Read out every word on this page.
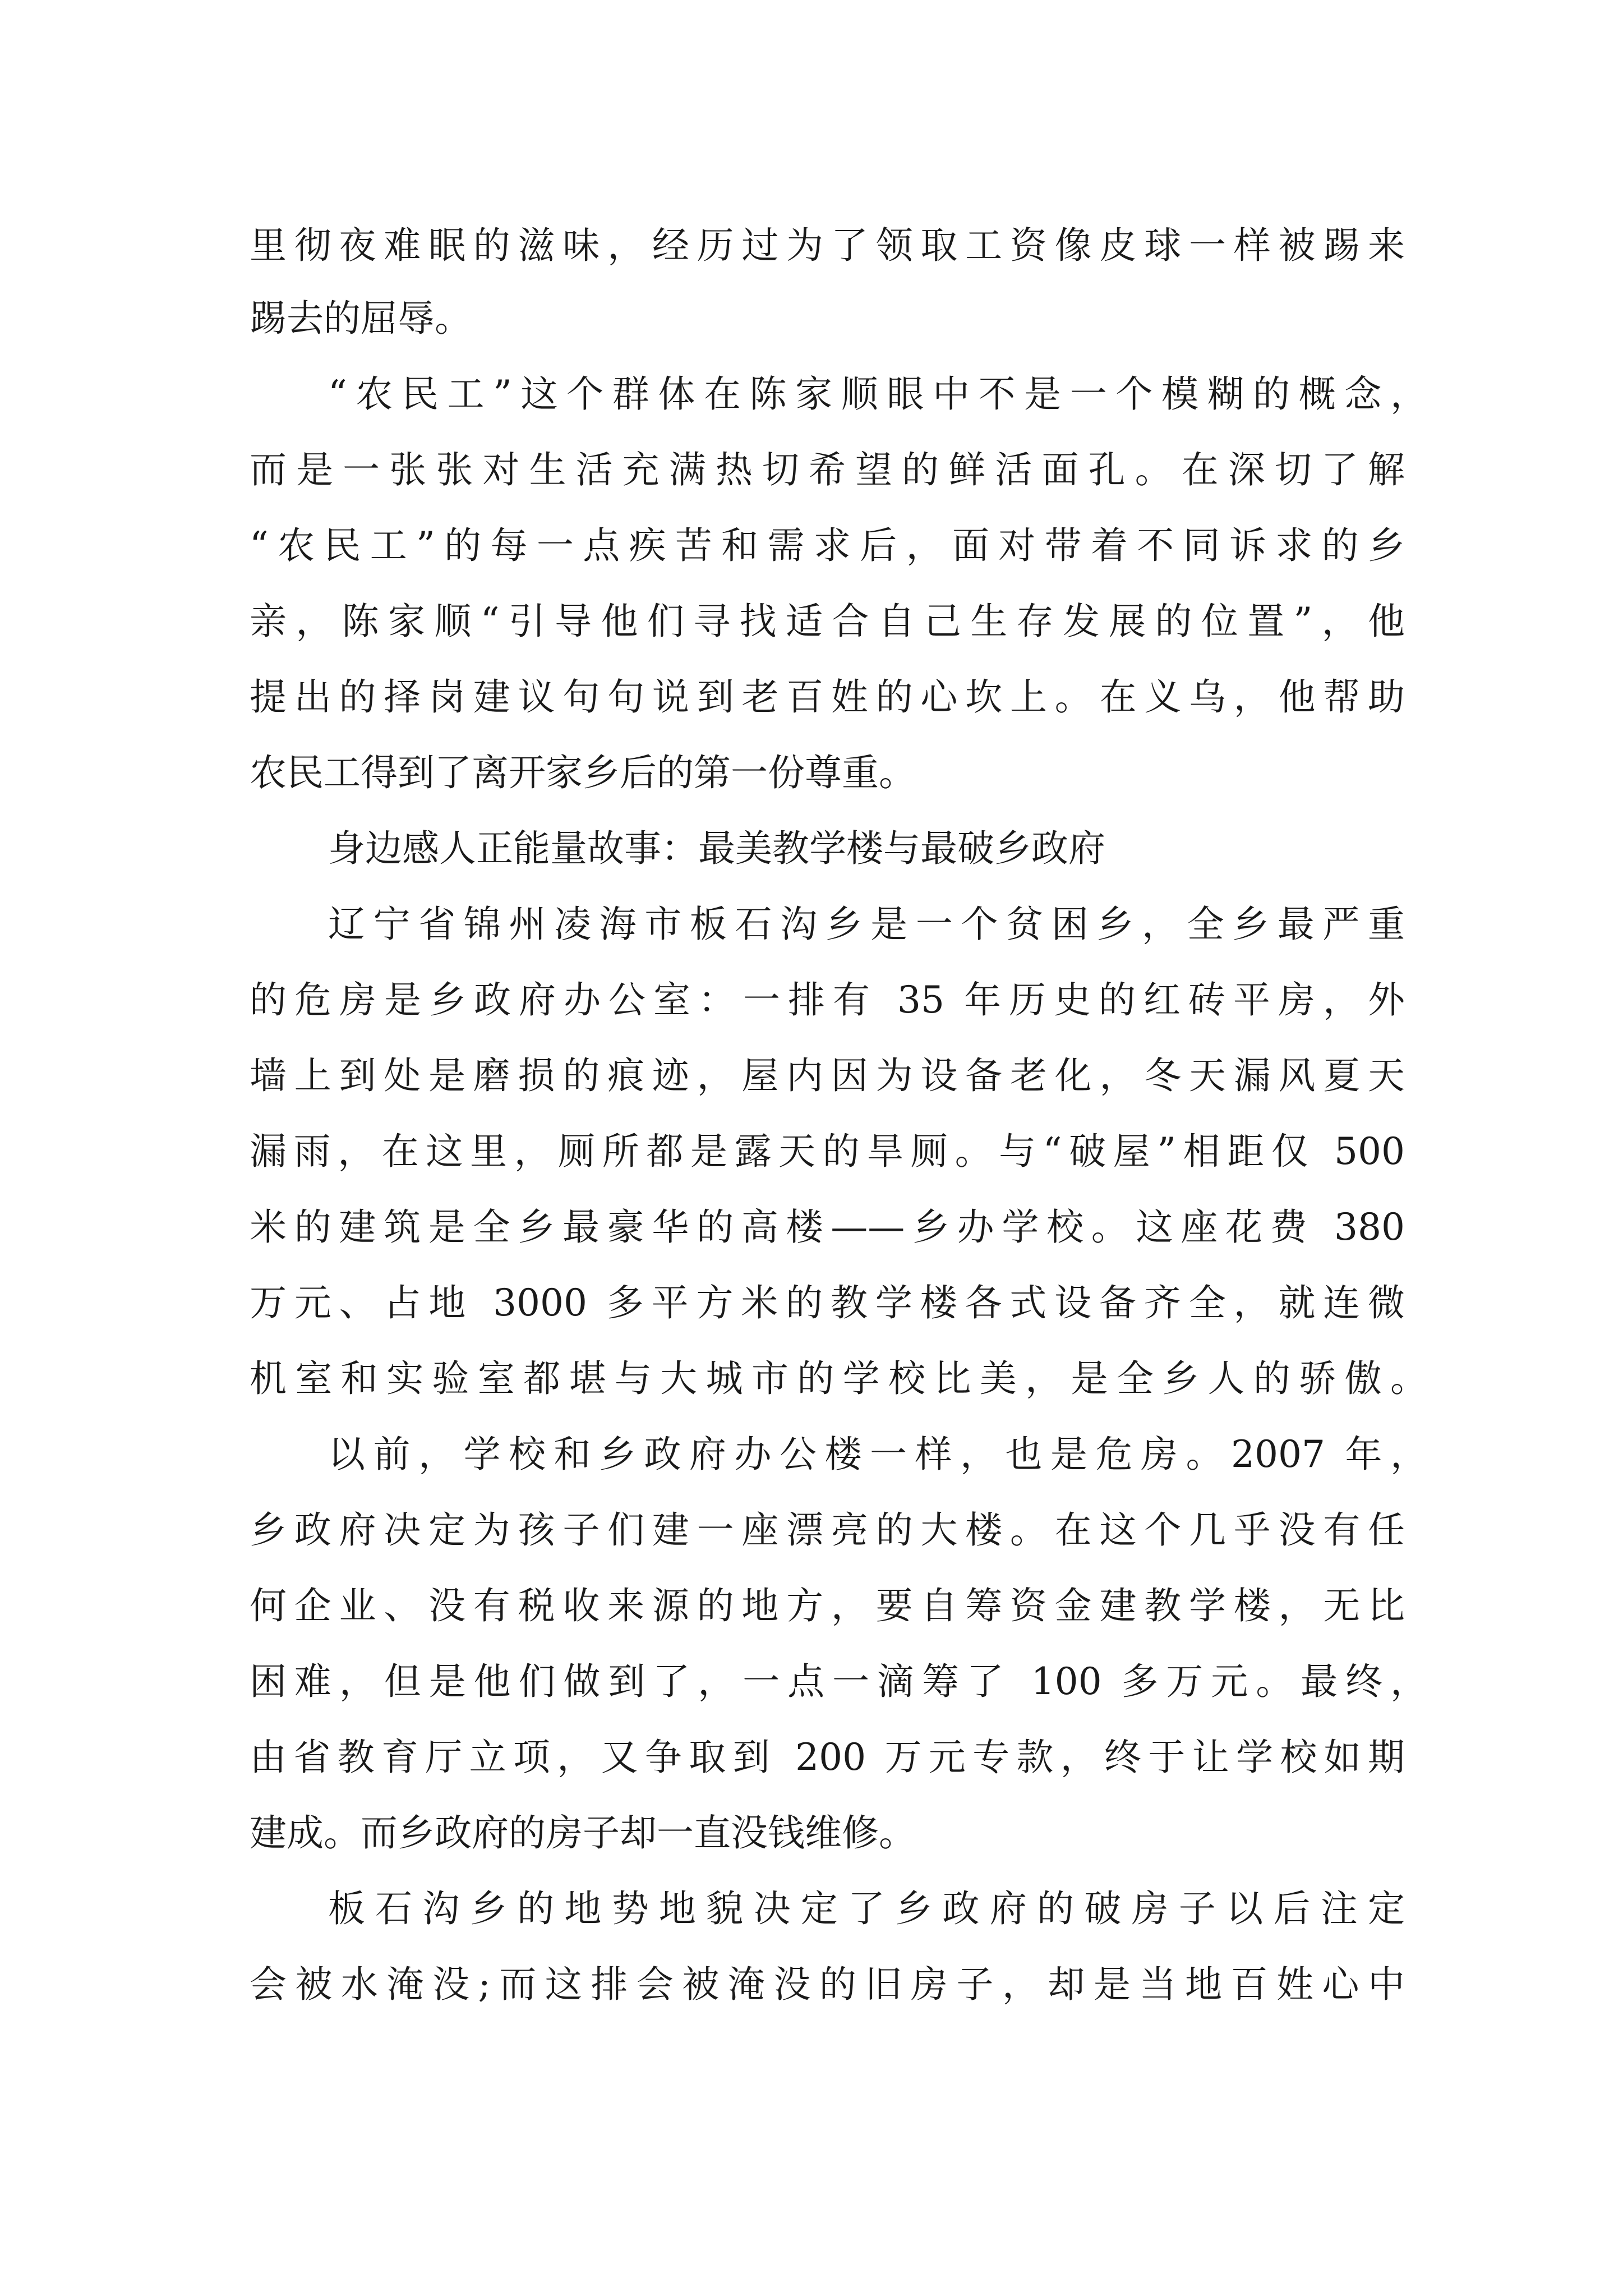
里彻夜难眠的滋味，经历过为了领取工资像皮球一样被踢来
踢去的屈辱。
“农民工”这个群体在陈家顺眼中不是一个模糊的概念，
而是一张张对生活充满热切希望的鲜活面孔。在深切了解
“农民工”的每一点疾苦和需求后，面对带着不同诉求的乡
亲，陈家顺“引导他们寻找适合自己生存发展的位置”，他
提出的择岗建议句句说到老百姓的心坎上。在义乌，他帮助
农民工得到了离开家乡后的第一份尊重。
身边感人正能量故事：最美教学楼与最破乡政府
辽宁省锦州凌海市板石沟乡是一个贫困乡，全乡最严重
的危房是乡政府办公室：一排有 35 年历史的红砖平房，外
墙上到处是磨损的痕迹，屋内因为设备老化，冬天漏风夏天
漏雨，在这里，厕所都是露天的旱厕。与“破屋”相距仅 500
米的建筑是全乡最豪华的高楼——乡办学校。这座花费 380
万元、占地 3000 多平方米的教学楼各式设备齐全，就连微
机室和实验室都堪与大城市的学校比美，是全乡人的骄傲。
以前，学校和乡政府办公楼一样，也是危房。2007 年，
乡政府决定为孩子们建一座漂亮的大楼。在这个几乎没有任
何企业、没有税收来源的地方，要自筹资金建教学楼，无比
困难，但是他们做到了，一点一滴筹了 100 多万元。最终，
由省教育厅立项，又争取到 200 万元专款，终于让学校如期
建成。而乡政府的房子却一直没钱维修。
板石沟乡的地势地貌决定了乡政府的破房子以后注定
会被水淹没;而这排会被淹没的旧房子，却是当地百姓心中
